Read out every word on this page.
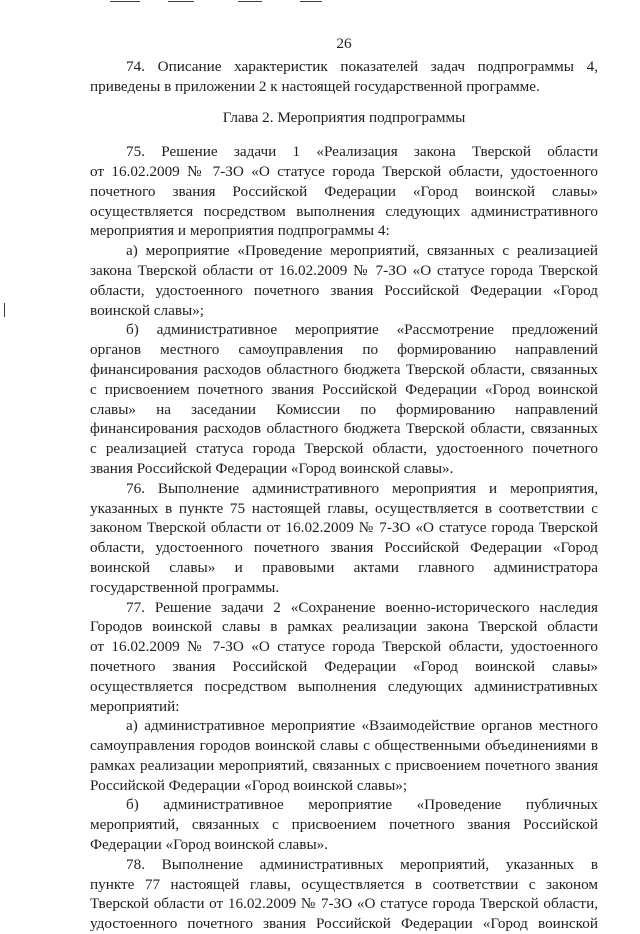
26
74. Описание характеристик показателей задач подпрограммы 4,
приведены в приложении 2 к настоящей государственной программе.
Глава 2. Мероприятия подпрограммы
75. Решение задачи 1 «Реализация закона Тверской области
от 16.02.2009 № 7-ЗО «О статусе города Тверской области, удостоенного
почетного звания Российской Федерации «Город воинской славы»
осуществляется посредством выполнения следующих административного
мероприятия и мероприятия подпрограммы 4:
а) мероприятие «Проведение мероприятий, связанных с реализацией
закона Тверской области от 16.02.2009 № 7-ЗО «О статусе города Тверской
области, удостоенного почетного звания Российской Федерации «Город
воинской славы»;
б) административное мероприятие «Рассмотрение предложений
органов местного самоуправления по формированию направлений
финансирования расходов областного бюджета Тверской области, связанных
с присвоением почетного звания Российской Федерации «Город воинской
славы» на заседании Комиссии по формированию направлений
финансирования расходов областного бюджета Тверской области, связанных
с реализацией статуса города Тверской области, удостоенного почетного
звания Российской Федерации «Город воинской славы».
76. Выполнение административного мероприятия и мероприятия,
указанных в пункте 75 настоящей главы, осуществляется в соответствии с
законом Тверской области от 16.02.2009 № 7-ЗО «О статусе города Тверской
области, удостоенного почетного звания Российской Федерации «Город
воинской славы» и правовыми актами главного администратора
государственной программы.
77. Решение задачи 2 «Сохранение военно-исторического наследия
Городов воинской славы в рамках реализации закона Тверской области
от 16.02.2009 № 7-ЗО «О статусе города Тверской области, удостоенного
почетного звания Российской Федерации «Город воинской славы»
осуществляется посредством выполнения следующих административных
мероприятий:
а) административное мероприятие «Взаимодействие органов местного
самоуправления городов воинской славы с общественными объединениями в
рамках реализации мероприятий, связанных с присвоением почетного звания
Российской Федерации «Город воинской славы»;
б) административное мероприятие «Проведение публичных
мероприятий, связанных с присвоением почетного звания Российской
Федерации «Город воинской славы».
78. Выполнение административных мероприятий, указанных в
пункте 77 настоящей главы, осуществляется в соответствии с законом
Тверской области от 16.02.2009 № 7-ЗО «О статусе города Тверской области,
удостоенного почетного звания Российской Федерации «Город воинской
